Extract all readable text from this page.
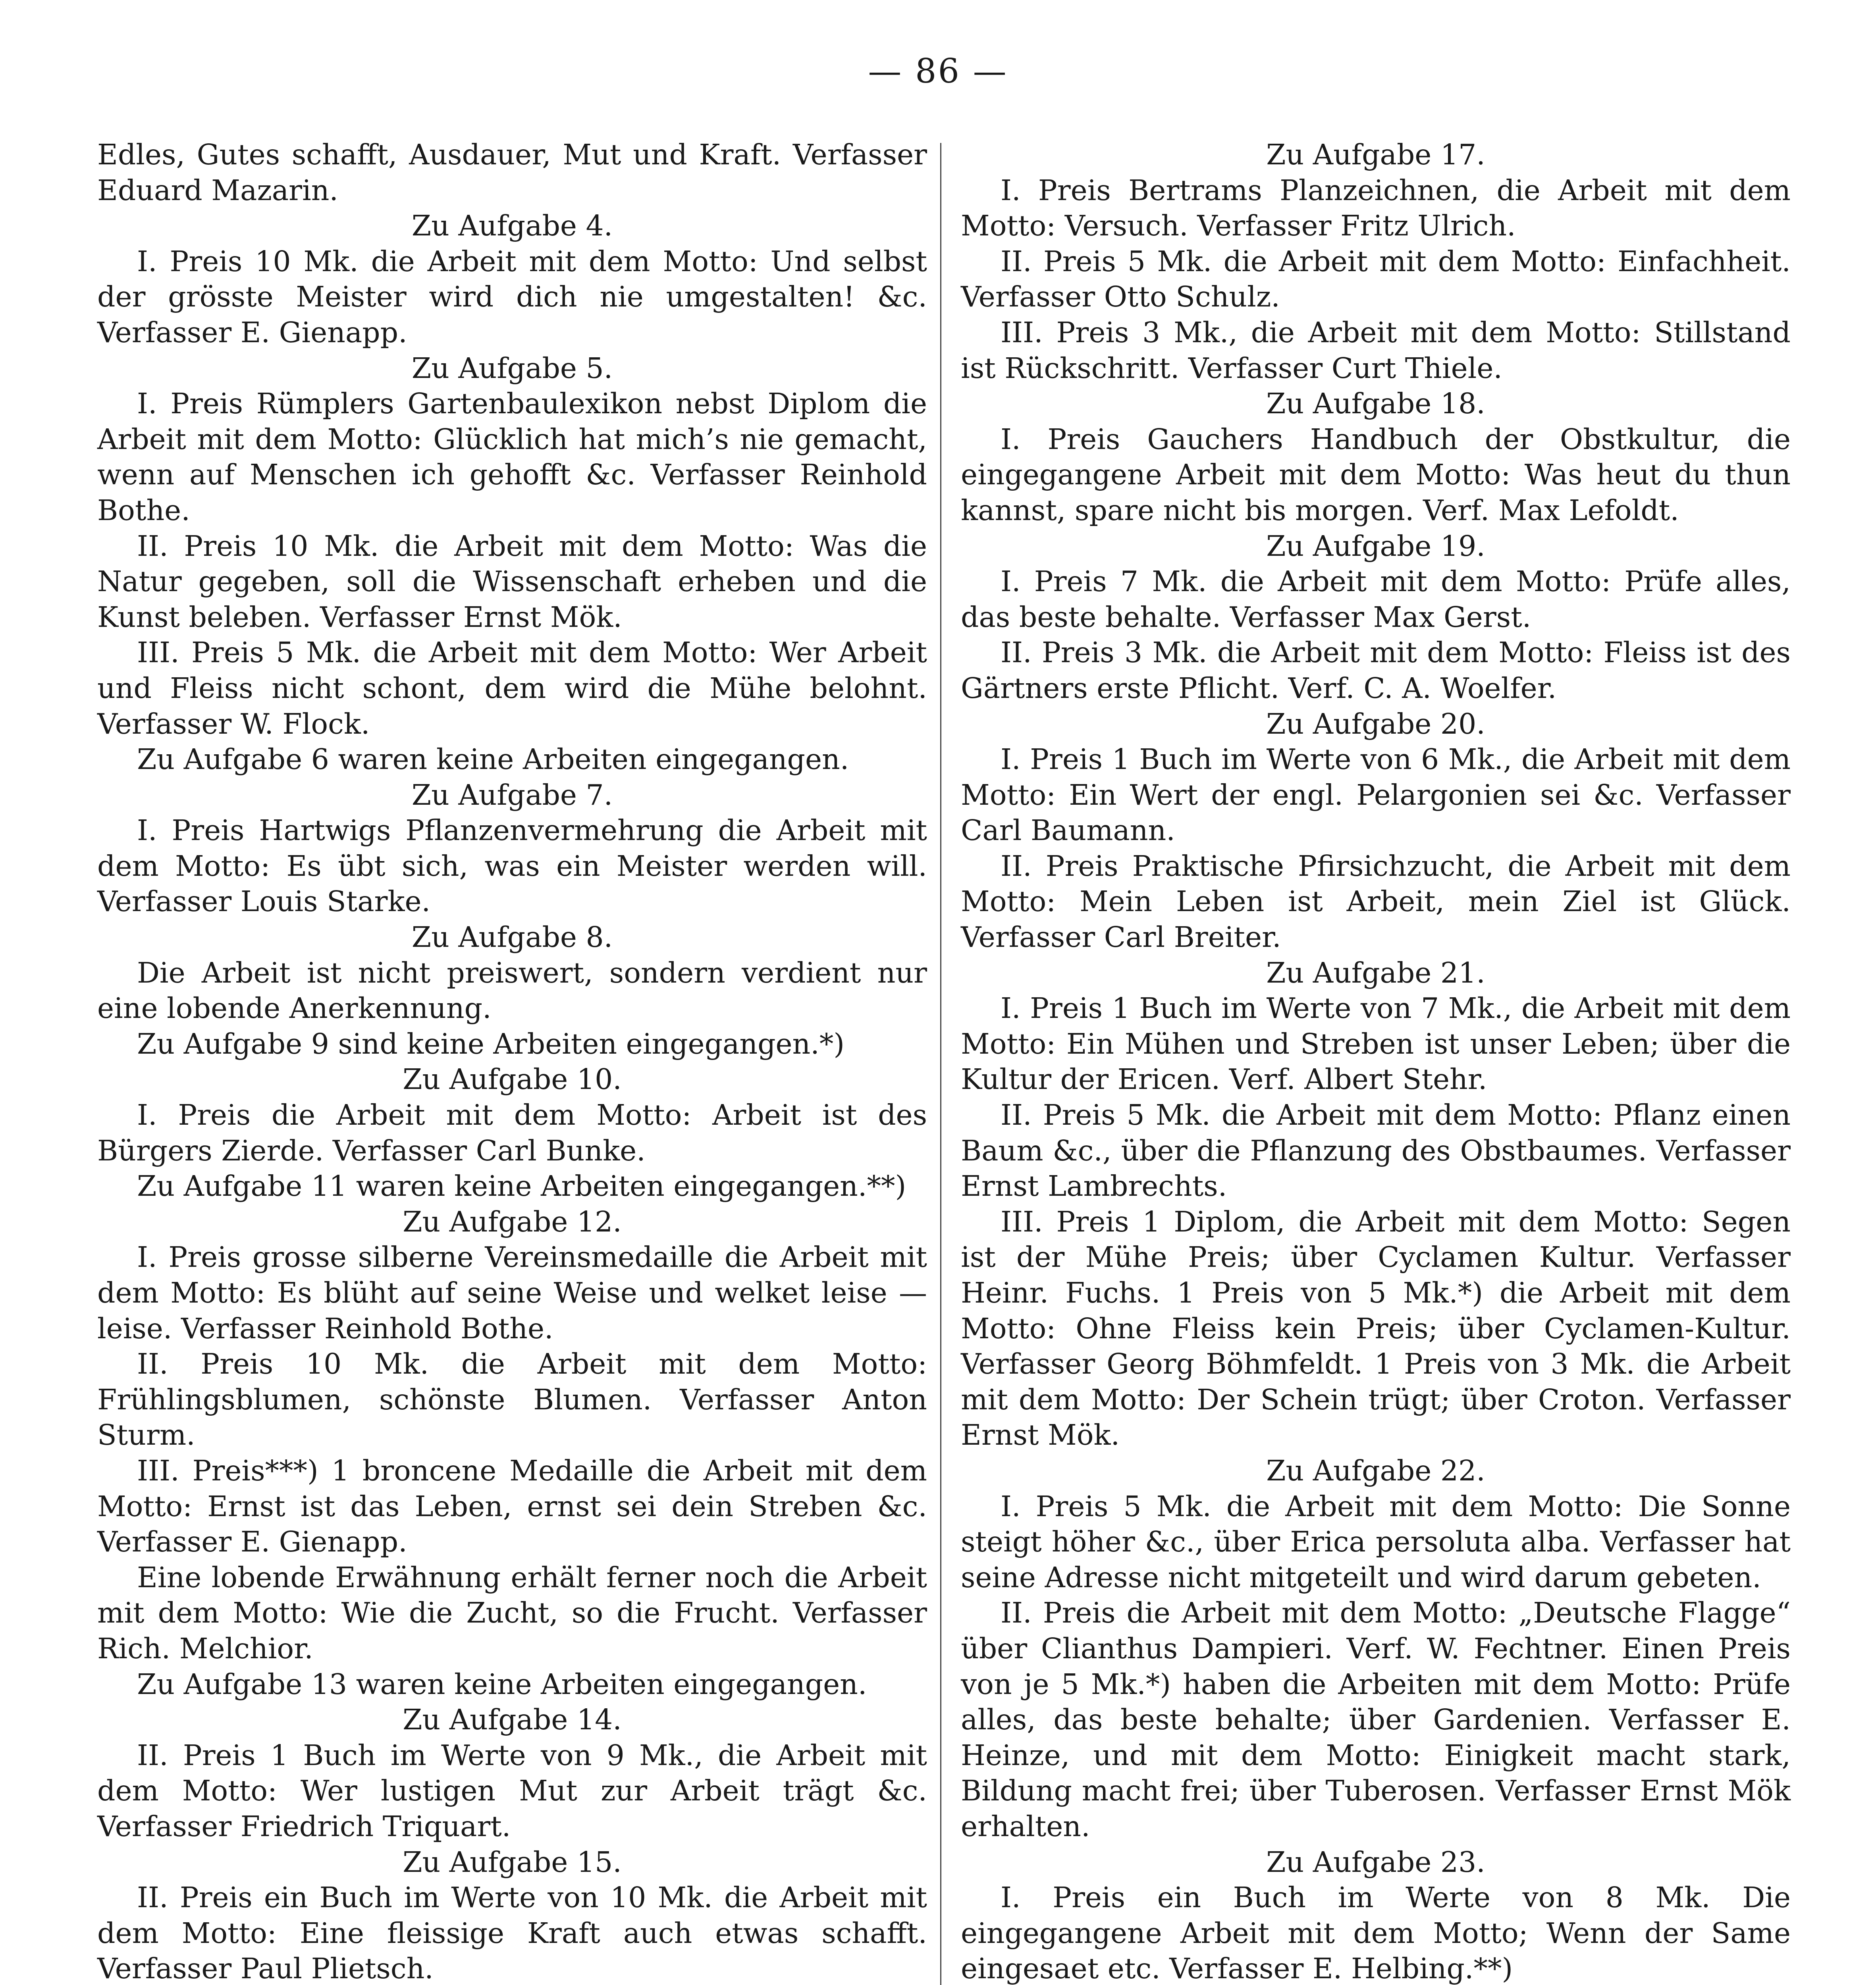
— 86 —

Edles, Gutes schafft, Ausdauer, Mut und Kraft. Verfasser Eduard Mazarin.

Zu Aufgabe 4.

I. Preis 10 Mk. die Arbeit mit dem Motto: Und selbst der grösste Meister wird dich nie umgestalten! &c. Verfasser E. Gienapp.

Zu Aufgabe 5.

I. Preis Rümplers Gartenbaulexikon nebst Diplom die Arbeit mit dem Motto: Glücklich hat mich’s nie gemacht, wenn auf Menschen ich gehofft &c. Verfasser Reinhold Bothe.

II. Preis 10 Mk. die Arbeit mit dem Motto: Was die Natur gegeben, soll die Wissenschaft erheben und die Kunst beleben. Verfasser Ernst Mök.

III. Preis 5 Mk. die Arbeit mit dem Motto: Wer Arbeit und Fleiss nicht schont, dem wird die Mühe belohnt. Verfasser W. Flock.

Zu Aufgabe 6 waren keine Arbeiten eingegangen.

Zu Aufgabe 7.

I. Preis Hartwigs Pflanzenvermehrung die Arbeit mit dem Motto: Es übt sich, was ein Meister werden will. Verfasser Louis Starke.

Zu Aufgabe 8.

Die Arbeit ist nicht preiswert, sondern verdient nur eine lobende Anerkennung.

Zu Aufgabe 9 sind keine Arbeiten eingegangen.*)

Zu Aufgabe 10.

I. Preis die Arbeit mit dem Motto: Arbeit ist des Bürgers Zierde. Verfasser Carl Bunke.

Zu Aufgabe 11 waren keine Arbeiten eingegangen.**)

Zu Aufgabe 12.

I. Preis grosse silberne Vereinsmedaille die Arbeit mit dem Motto: Es blüht auf seine Weise und welket leise — leise. Verfasser Reinhold Bothe.

II. Preis 10 Mk. die Arbeit mit dem Motto: Frühlingsblumen, schönste Blumen. Verfasser Anton Sturm.

III. Preis***) 1 broncene Medaille die Arbeit mit dem Motto: Ernst ist das Leben, ernst sei dein Streben &c. Verfasser E. Gienapp.

Eine lobende Erwähnung erhält ferner noch die Arbeit mit dem Motto: Wie die Zucht, so die Frucht. Verfasser Rich. Melchior.

Zu Aufgabe 13 waren keine Arbeiten eingegangen.

Zu Aufgabe 14.

II. Preis 1 Buch im Werte von 9 Mk., die Arbeit mit dem Motto: Wer lustigen Mut zur Arbeit trägt &c. Verfasser Friedrich Triquart.

Zu Aufgabe 15.

II. Preis ein Buch im Werte von 10 Mk. die Arbeit mit dem Motto: Eine fleissige Kraft auch etwas schafft. Verfasser Paul Plietsch.

Zu Aufgabe 17.

I. Preis Bertrams Planzeichnen, die Arbeit mit dem Motto: Versuch. Verfasser Fritz Ulrich.

II. Preis 5 Mk. die Arbeit mit dem Motto: Einfachheit. Verfasser Otto Schulz.

III. Preis 3 Mk., die Arbeit mit dem Motto: Stillstand ist Rückschritt. Verfasser Curt Thiele.

Zu Aufgabe 18.

I. Preis Gauchers Handbuch der Obstkultur, die eingegangene Arbeit mit dem Motto: Was heut du thun kannst, spare nicht bis morgen. Verf. Max Lefoldt.

Zu Aufgabe 19.

I. Preis 7 Mk. die Arbeit mit dem Motto: Prüfe alles, das beste behalte. Verfasser Max Gerst.

II. Preis 3 Mk. die Arbeit mit dem Motto: Fleiss ist des Gärtners erste Pflicht. Verf. C. A. Woelfer.

Zu Aufgabe 20.

I. Preis 1 Buch im Werte von 6 Mk., die Arbeit mit dem Motto: Ein Wert der engl. Pelargonien sei &c. Verfasser Carl Baumann.

II. Preis Praktische Pfirsichzucht, die Arbeit mit dem Motto: Mein Leben ist Arbeit, mein Ziel ist Glück. Verfasser Carl Breiter.

Zu Aufgabe 21.

I. Preis 1 Buch im Werte von 7 Mk., die Arbeit mit dem Motto: Ein Mühen und Streben ist unser Leben; über die Kultur der Ericen. Verf. Albert Stehr.

II. Preis 5 Mk. die Arbeit mit dem Motto: Pflanz einen Baum &c., über die Pflanzung des Obstbaumes. Verfasser Ernst Lambrechts.

III. Preis 1 Diplom, die Arbeit mit dem Motto: Segen ist der Mühe Preis; über Cyclamen Kultur. Verfasser Heinr. Fuchs. 1 Preis von 5 Mk.*) die Arbeit mit dem Motto: Ohne Fleiss kein Preis; über Cyclamen-Kultur. Verfasser Georg Böhmfeldt. 1 Preis von 3 Mk. die Arbeit mit dem Motto: Der Schein trügt; über Croton. Verfasser Ernst Mök.

Zu Aufgabe 22.

I. Preis 5 Mk. die Arbeit mit dem Motto: Die Sonne steigt höher &c., über Erica persoluta alba. Verfasser hat seine Adresse nicht mitgeteilt und wird darum gebeten.

II. Preis die Arbeit mit dem Motto: „Deutsche Flagge“ über Clianthus Dampieri. Verf. W. Fechtner. Einen Preis von je 5 Mk.*) haben die Arbeiten mit dem Motto: Prüfe alles, das beste behalte; über Gardenien. Verfasser E. Heinze, und mit dem Motto: Einigkeit macht stark, Bildung macht frei; über Tuberosen. Verfasser Ernst Mök erhalten.

Zu Aufgabe 23.

I. Preis ein Buch im Werte von 8 Mk. Die eingegangene Arbeit mit dem Motto; Wenn der Same eingesaet etc. Verfasser E. Helbing.**)
